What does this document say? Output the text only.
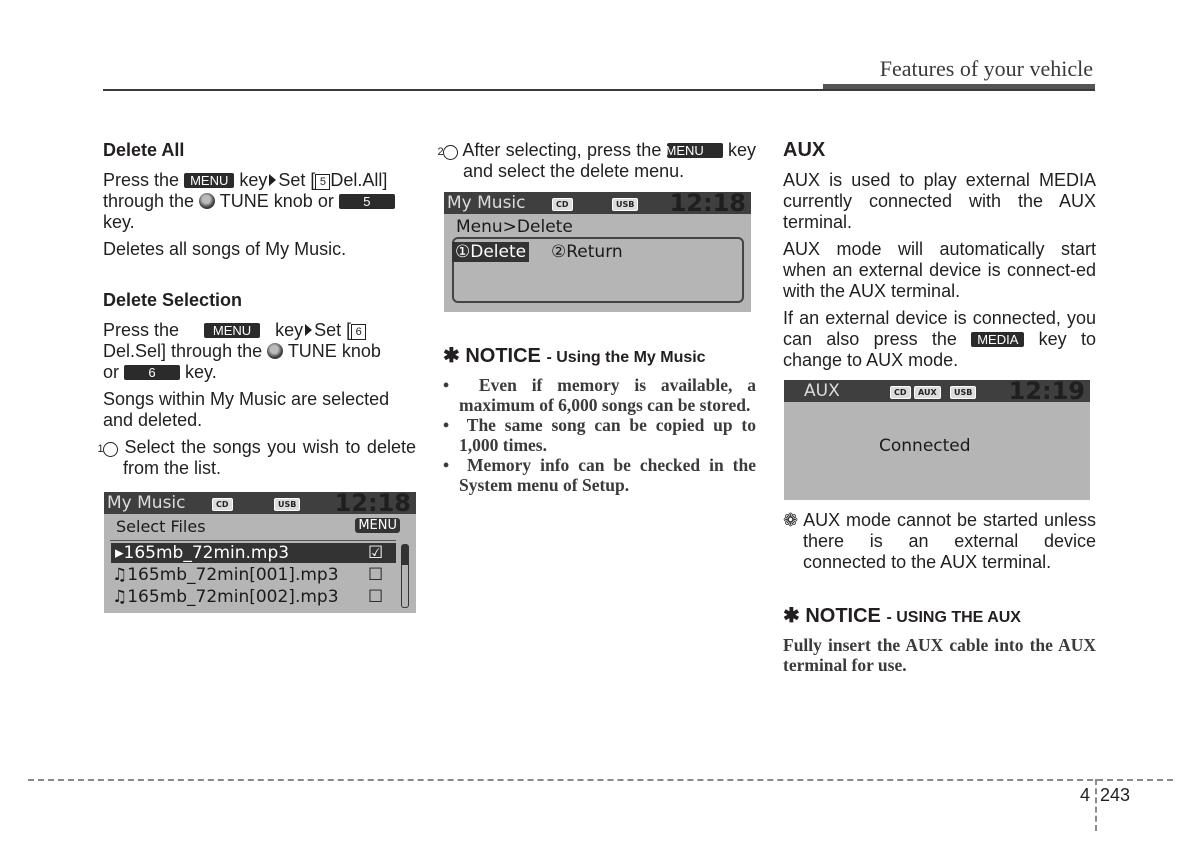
Features of your vehicle
Delete All

Press the MENU key Set [ 5 Del.All]
through the TUNE knob or 5
key.

Deletes all songs of My Music.

Delete Selection

Press the	MENU key Set [ 6
Del.Sel] through the TUNE knob
or 6 key.

Songs within My Music are selected and deleted.

1 Select the songs you wish to delete from the list.

My Music	CD	USB 12:18
Select Files	MENU
▸165mb_72min.mp3	☑
♫165mb_72min[001].mp3 ☐
♫165mb_72min[002].mp3 ☐

2 After selecting, press the MENU key and select the delete menu.

My Music	CD	USB 12:18
Menu>Delete
①Delete ②Return
✱ NOTICE - Using the My Music

•  Even if memory is available, a maximum of 6,000 songs can be stored.

•  The same song can be copied up to 1,000 times.

•  Memory info can be checked in the System menu of Setup.

AUX

AUX is used to play external MEDIA currently connected with the AUX terminal.

AUX mode will automatically start when an external device is connect-ed with the AUX terminal.

If an external device is connected, you can also press the MEDIA key to change to AUX mode.

AUX	CD	AUX	USB 12:19
Connected

❁ AUX mode cannot be started unless there is an external device connected to the AUX terminal.

✱ NOTICE - USING THE AUX

Fully insert the AUX cable into the AUX terminal for use.

4 243
